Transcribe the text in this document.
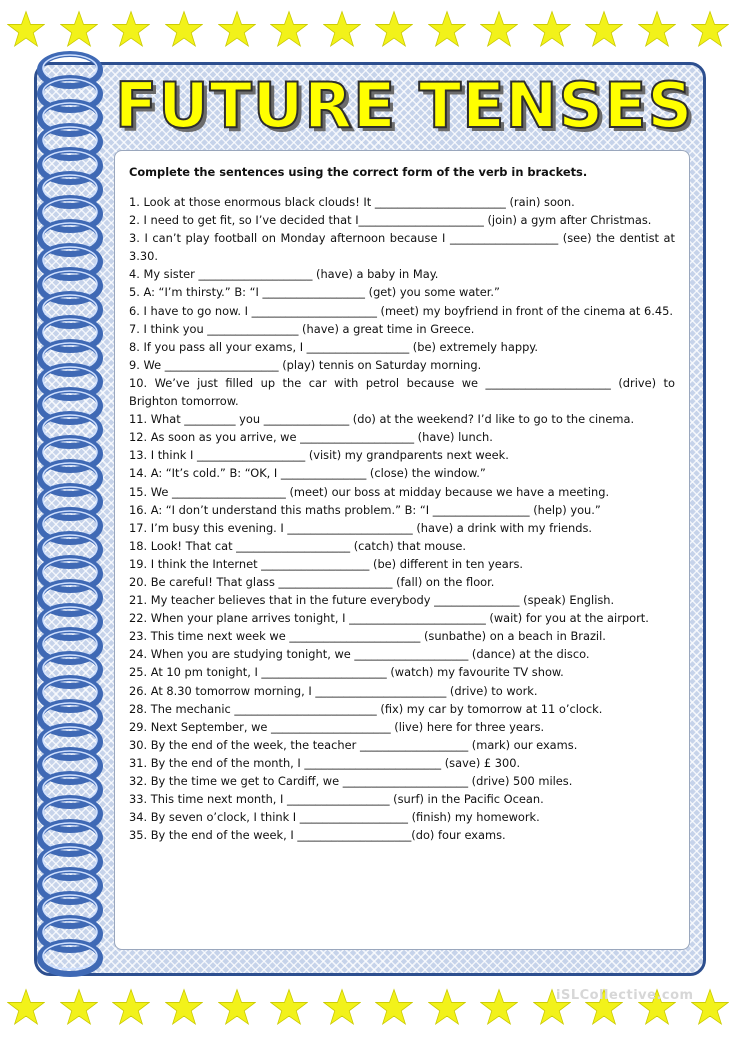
FUTURE TENSES
Complete the sentences using the correct form of the verb in brackets.

1. Look at those enormous black clouds! It _______________________ (rain) soon.

2. I need to get fit, so I’ve decided that I______________________ (join) a gym after Christmas.

3. I can’t play football on Monday afternoon because I ___________________ (see) the dentist at 3.30.

4. My sister ____________________ (have) a baby in May.

5. A: “I’m thirsty.” B: “I __________________ (get) you some water.”

6. I have to go now. I ______________________ (meet) my boyfriend in front of the cinema at 6.45.

7. I think you ________________ (have) a great time in Greece.

8. If you pass all your exams, I __________________ (be) extremely happy.

9. We ____________________ (play) tennis on Saturday morning.

10. We’ve just filled up the car with petrol because we ______________________ (drive) to Brighton tomorrow.

11. What _________ you _______________ (do) at the weekend? I’d like to go to the cinema.

12. As soon as you arrive, we ____________________ (have) lunch.

13. I think I ___________________ (visit) my grandparents next week.

14. A: “It’s cold.” B: “OK, I _______________ (close) the window.”

15. We ____________________ (meet) our boss at midday because we have a meeting.

16. A: “I don’t understand this maths problem.” B: “I _________________ (help) you.”

17. I’m busy this evening. I ______________________ (have) a drink with my friends.

18. Look! That cat ____________________ (catch) that mouse.

19. I think the Internet ___________________ (be) different in ten years.

20. Be careful! That glass ____________________ (fall) on the floor.

21. My teacher believes that in the future everybody _______________ (speak) English.

22. When your plane arrives tonight, I ________________________ (wait) for you at the airport.

23. This time next week we _______________________ (sunbathe) on a beach in Brazil.

24. When you are studying tonight, we ____________________ (dance) at the disco.

25. At 10 pm tonight, I ______________________ (watch) my favourite TV show.

26. At 8.30 tomorrow morning, I _______________________ (drive) to work.

28. The mechanic _________________________ (fix) my car by tomorrow at 11 o’clock.

29. Next September, we _____________________ (live) here for three years.

30. By the end of the week, the teacher ___________________ (mark) our exams.

31. By the end of the month, I ________________________ (save) £ 300.

32. By the time we get to Cardiff, we ______________________ (drive) 500 miles.

33. This time next month, I __________________ (surf) in the Pacific Ocean.

34. By seven o’clock, I think I ___________________ (finish) my homework.

35. By the end of the week, I ____________________(do) four exams.

iSLCollective.com
